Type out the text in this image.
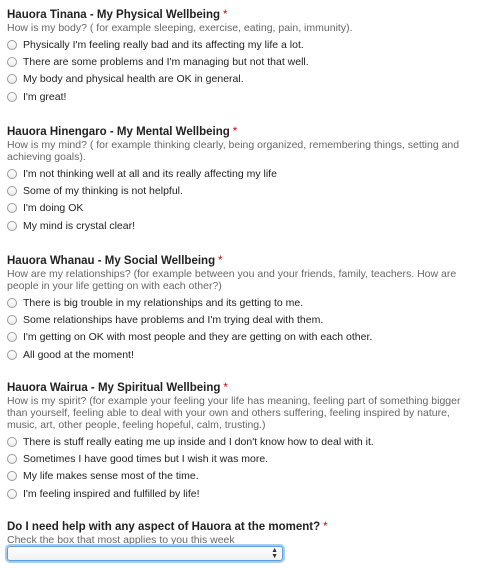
Hauora Tinana - My Physical Wellbeing *
How is my body? ( for example sleeping, exercise, eating, pain, immunity).
Physically I'm feeling really bad and its affecting my life a lot.
There are some problems and I'm managing but not that well.
My body and physical health are OK in general.
I'm great!
Hauora Hinengaro - My Mental Wellbeing *
How is my mind? ( for example thinking clearly, being organized, remembering things, setting and achieving goals).
I'm not thinking well at all and its really affecting my life
Some of my thinking is not helpful.
I'm doing OK
My mind is crystal clear!
Hauora Whanau - My Social Wellbeing *
How are my relationships? (for example between you and your friends, family, teachers. How are people in your life getting on with each other?)
There is big trouble in my relationships and its getting to me.
Some relationships have problems and I'm trying deal with them.
I'm getting on OK with most people and they are getting on with each other.
All good at the moment!
Hauora Wairua - My Spiritual Wellbeing *
How is my spirit? (for example your feeling your life has meaning, feeling part of something bigger than yourself, feeling able to deal with your own and others suffering, feeling inspired by nature, music, art, other people, feeling hopeful, calm, trusting.)
There is stuff really eating me up inside and I don't know how to deal with it.
Sometimes I have good times but I wish it was more.
My life makes sense most of the time.
I'm feeling inspired and fulfilled by life!
Do I need help with any aspect of Hauora at the moment? *
Check the box that most applies to you this week
▲
▼
